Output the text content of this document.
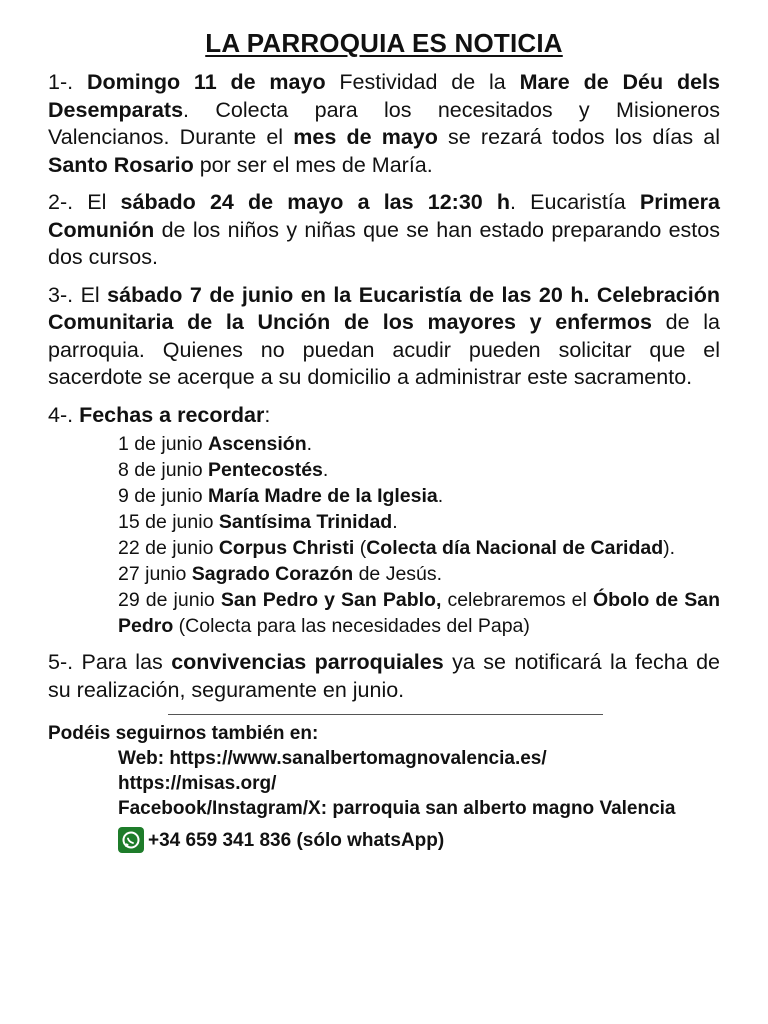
LA PARROQUIA ES NOTICIA
1-. Domingo 11 de mayo Festividad de la Mare de Déu dels Desemparats. Colecta para los necesitados y Misioneros Valencianos. Durante el mes de mayo se rezará todos los días al Santo Rosario por ser el mes de María.
2-. El sábado 24 de mayo a las 12:30 h. Eucaristía Primera Comunión de los niños y niñas que se han estado preparando estos dos cursos.
3-. El sábado 7 de junio en la Eucaristía de las 20 h. Celebración Comunitaria de la Unción de los mayores y enfermos de la parroquia. Quienes no puedan acudir pueden solicitar que el sacerdote se acerque a su domicilio a administrar este sacramento.
4-. Fechas a recordar:
1 de junio Ascensión.
8 de junio Pentecostés.
9 de junio María Madre de la Iglesia.
15 de junio Santísima Trinidad.
22 de junio Corpus Christi (Colecta día Nacional de Caridad).
27 junio Sagrado Corazón de Jesús.
29 de junio San Pedro y San Pablo, celebraremos el Óbolo de San Pedro (Colecta para las necesidades del Papa)
5-. Para las convivencias parroquiales ya se notificará la fecha de su realización, seguramente en junio.
Podéis seguirnos también en:
Web: https://www.sanalbertomagnovalencia.es/
https://misas.org/
Facebook/Instagram/X: parroquia san alberto magno Valencia
+34 659 341 836 (sólo whatsApp)
